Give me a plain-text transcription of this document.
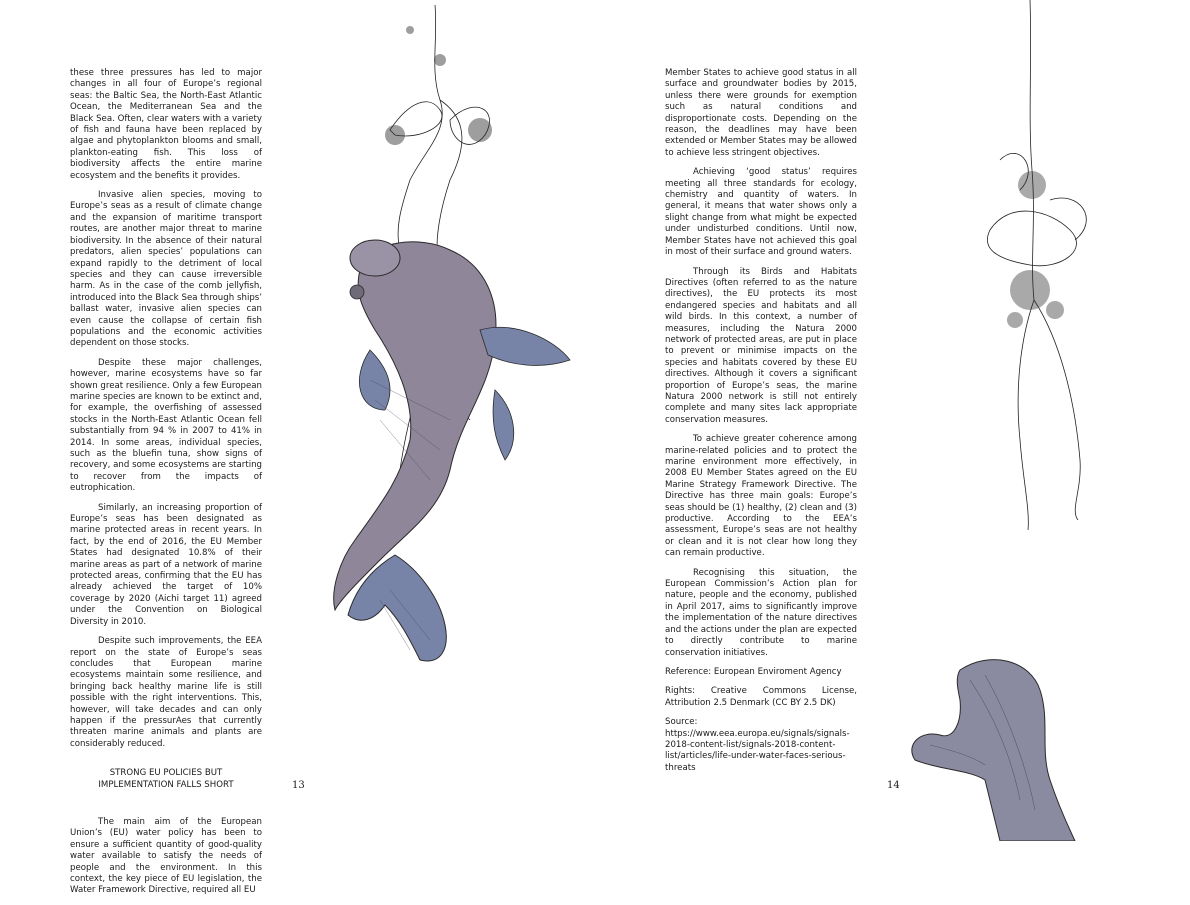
these three pressures has led to major changes in all four of Europe’s regional seas: the Baltic Sea, the North-East Atlantic Ocean, the Mediterranean Sea and the Black Sea. Often, clear waters with a variety of fish and fauna have been replaced by algae and phytoplankton blooms and small, plankton-eating fish. This loss of biodiversity affects the entire marine ecosystem and the benefits it provides.

Invasive alien species, moving to Europe’s seas as a result of climate change and the expansion of maritime transport routes, are another major threat to marine biodiversity. In the absence of their natural predators, alien species’ populations can expand rapidly to the detriment of local species and they can cause irreversible harm. As in the case of the comb jellyfish, introduced into the Black Sea through ships’ ballast water, invasive alien species can even cause the collapse of certain fish populations and the economic activities dependent on those stocks.

Despite these major challenges, however, marine ecosystems have so far shown great resilience. Only a few European marine species are known to be extinct and, for example, the overfishing of assessed stocks in the North-East Atlantic Ocean fell substantially from 94 % in 2007 to 41% in 2014. In some areas, individual species, such as the bluefin tuna, show signs of recovery, and some ecosystems are starting to recover from the impacts of eutrophication.

Similarly, an increasing proportion of Europe’s seas has been designated as marine protected areas in recent years. In fact, by the end of 2016, the EU Member States had designated 10.8% of their marine areas as part of a network of marine protected areas, confirming that the EU has already achieved the target of 10% coverage by 2020 (Aichi target 11) agreed under the Convention on Biological Diversity in 2010.

Despite such improvements, the EEA report on the state of Europe’s seas concludes that European marine ecosystems maintain some resilience, and bringing back healthy marine life is still possible with the right interventions. This, however, will take decades and can only happen if the pressurAes that currently threaten marine animals and plants are considerably reduced.

STRONG EU POLICIES BUT
IMPLEMENTATION FALLS SHORT

The main aim of the European Union’s (EU) water policy has been to ensure a sufficient quantity of good-quality water available to satisfy the needs of people and the environment. In this context, the key piece of EU legislation, the Water Framework Directive, required all EU

Member States to achieve good status in all surface and groundwater bodies by 2015, unless there were grounds for exemption such as natural conditions and disproportionate costs. Depending on the reason, the deadlines may have been extended or Member States may be allowed to achieve less stringent objectives.

Achieving ‘good status’ requires meeting all three standards for ecology, chemistry and quantity of waters. In general, it means that water shows only a slight change from what might be expected under undisturbed conditions. Until now, Member States have not achieved this goal in most of their surface and ground waters.

Through its Birds and Habitats Directives (often referred to as the nature directives), the EU protects its most endangered species and habitats and all wild birds. In this context, a number of measures, including the Natura 2000 network of protected areas, are put in place to prevent or minimise impacts on the species and habitats covered by these EU directives. Although it covers a significant proportion of Europe’s seas, the marine Natura 2000 network is still not entirely complete and many sites lack appropriate conservation measures.

To achieve greater coherence among marine-related policies and to protect the marine environment more effectively, in 2008 EU Member States agreed on the EU Marine Strategy Framework Directive. The Directive has three main goals: Europe’s seas should be (1) healthy, (2) clean and (3) productive. According to the EEA’s assessment, Europe’s seas are not healthy or clean and it is not clear how long they can remain productive.

Recognising this situation, the European Commission’s Action plan for nature, people and the economy, published in April 2017, aims to significantly improve the implementation of the nature directives and the actions under the plan are expected to directly contribute to marine conservation initiatives.

Reference: European Enviroment Agency

Rights: Creative Commons License, Attribution 2.5 Denmark (CC BY 2.5 DK)

Source: https://www.eea.europa.eu/signals/signals-2018-content-list/signals-2018-content-list/articles/life-under-water-faces-serious-threats

13	14
